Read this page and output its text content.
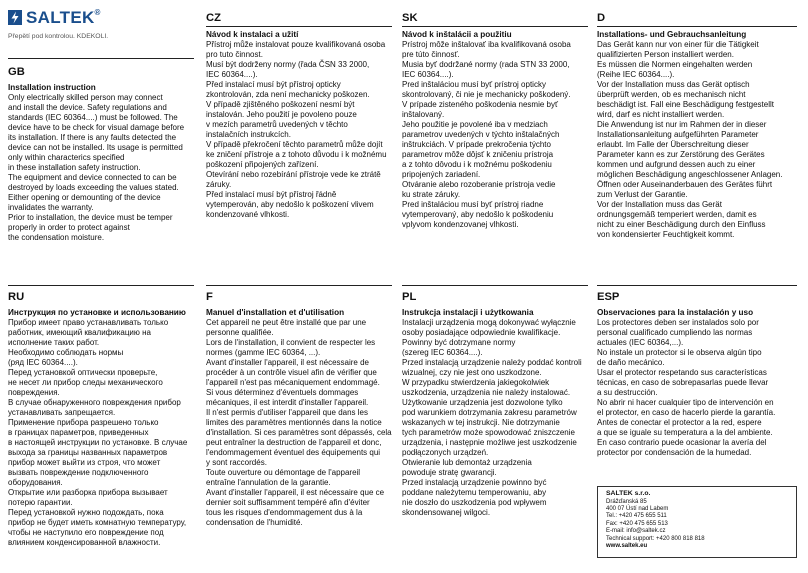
SALTEK®
Přepětí pod kontrolou. KDEKOLI.
GB
Installation instruction
Only electrically skilled person may connect
and install the device. Safety regulations and
standards (IEC 60364....) must be followed. The
device have to be check for visual damage before
its installation. If there is any faults detected the
device can not be installed. Its usage is permitted
only within characterics specified
in these installation safety instruction.
The equipment and device connected to can be
destroyed by loads exceeding the values stated.
Either opening or demounting of the device
invalidates the warranty.
Prior to installation, the device must be temper
properly in order to protect against
the condensation moisture.
CZ
Návod k instalaci a užití
Přístroj může instalovat pouze kvalifikovaná osoba
pro tuto činnost.
Musí být dodrženy normy (řada ČSN 33 2000,
IEC 60364....).
Před instalací musí být přístroj opticky
zkontrolován, zda není mechanicky poškozen.
V případě zjištěného poškození nesmí být
instalován. Jeho použití je povoleno pouze
v mezích parametrů uvedených v těchto
instalačních instrukcích.
V případě překročení těchto parametrů může dojít
ke zničení přístroje a z tohoto důvodu i k možnému
poškození připojených zařízení.
Otevírání nebo rozebírání přístroje vede ke ztrátě
záruky.
Před instalací musí být přístroj řádně
vytemperován, aby nedošlo k poškození vlivem
kondenzované vlhkosti.
SK
Návod k inštalácii a použitiu
Prístroj môže inštalovať iba kvalifikovaná osoba
pre túto činnosť.
Musia byť dodržané normy (rada STN 33 2000,
IEC 60364....).
Pred inštaláciou musí byť prístroj opticky
skontrolovaný, či nie je mechanicky poškodený.
V prípade zisteného poškodenia nesmie byť
inštalovaný.
Jeho použitie je povolené iba v medziach
parametrov uvedených v týchto inštalačných
inštrukciách. V prípade prekročenia týchto
parametrov môže dôjsť k zničeniu prístroja
a z tohto dôvodu i k možnému poškodeniu
pripojených zariadení.
Otváranie alebo rozoberanie prístroja vedie
ku strate záruky.
Pred inštaláciou musí byť prístroj riadne
vytemperovaný, aby nedošlo k poškodeniu
vplyvom kondenzovanej vlhkosti.
D
Installations- und Gebrauchsanleitung
Das Gerät kann nur von einer für die Tätigkeit
qualifizierten Person installiert werden.
Es müssen die Normen eingehalten werden
(Reihe IEC 60364....).
Vor der Installation muss das Gerät optisch
überprüft werden, ob es mechanisch nicht
beschädigt ist. Fall eine Beschädigung festgestellt
wird, darf es nicht installiert werden.
Die Anwendung ist nur im Rahmen der in dieser
Installationsanleitung aufgeführten Parameter
erlaubt. Im Falle der Überschreitung dieser
Parameter kann es zur Zerstörung des Gerätes
kommen und aufgrund dessen auch zu einer
möglichen Beschädigung angeschlossener Anlagen.
Öffnen oder Auseinanderbauen des Gerätes führt
zum Verlust der Garantie.
Vor der Installation muss das Gerät
ordnungsgemäß temperiert werden, damit es
nicht zu einer Beschädigung durch den Einfluss
von kondensierter Feuchtigkeit kommt.
RU
Инструкция по установке и использованию
Прибор имеет право устанавливать только
работник, имеющий квалификацию на
исполнение таких работ.
Необходимо соблюдать нормы
(ряд IEC 60364....).
Перед установкой оптически проверьте,
не несет ли прибор следы механического
повреждения.
В случае обнаруженного повреждения прибор
устанавливать запрещается.
Применение прибора разрешено только
в границах параметров, приведенных
в настоящей инструкции по установке. В случае
выхода за границы названных параметров
прибор может выйти из строя, что может
вызвать повреждение подключенного
оборудования.
Открытие или разборка прибора вызывает
потерю гарантии.
Перед установкой нужно подождать, пока
прибор не будет иметь комнатную температуру,
чтобы не наступило его повреждение под
влиянием конденсированной влажности.
F
Manuel d'installation et d'utilisation
Cet appareil ne peut être installé que par une
personne qualifiée.
Lors de l'installation, il convient de respecter les
normes (gamme IEC 60364, ...).
Avant d'installer l'appareil, il est nécessaire de
procéder à un contrôle visuel afin de vérifier que
l'appareil n'est pas mécaniquement endommagé.
Si vous déterminez d'éventuels dommages
mécaniques, il est interdit d'installer l'appareil.
Il n'est permis d'utiliser l'appareil que dans les
limites des paramètres mentionnés dans la notice
d'installation. Si ces paramètres sont dépassés, cela
peut entraîner la destruction de l'appareil et donc,
l'endommagement éventuel des équipements qui
y sont raccordés.
Toute ouverture ou démontage de l'appareil
entraîne l'annulation de la garantie.
Avant d'installer l'appareil, il est nécessaire que ce
dernier soit suffisamment tempéré afin d'éviter
tous les risques d'endommagement dus à la
condensation de l'humidité.
PL
Instrukcja instalacji i użytkowania
Instalacji urządzenia mogą dokonywać wyłącznie
osoby posiadające odpowiednie kwalifikacje.
Powinny być dotrzymane normy
(szereg IEC 60364....).
Przed instalacją urządzenie należy poddać kontroli
wizualnej, czy nie jest ono uszkodzone.
W przypadku stwierdzenia jakiegokolwiek
uszkodzenia, urządzenia nie należy instalować.
Użytkowanie urządzenia jest dozwolone tylko
pod warunkiem dotrzymania zakresu parametrów
wskazanych w tej instrukcji. Nie dotrzymanie
tych parametrów może spowodować zniszczenie
urządzenia, i następnie możliwe jest uszkodzenie
podłączonych urządzeń.
Otwieranie lub demontaż urządzenia
powoduje stratę gwarancji.
Przed instalacją urządzenie powinno być
poddane należytemu temperowaniu, aby
nie doszło do uszkodzenia pod wpływem
skondensowanej wilgoci.
ESP
Observaciones para la instalación y uso
Los protectores deben ser instalados solo por
personal cualificado cumpliendo las normas
actuales (IEC 60364,...).
No instale un protector si le observa algún tipo
de daño mecánico.
Usar el protector respetando sus características
técnicas, en caso de sobrepasarlas puede llevar
a su destrucción.
No abrir ni hacer cualquier tipo de intervención en
el protector, en caso de hacerlo pierde la garantía.
Antes de conectar el protector a la red, espere
a que se iguale su temperatura a la del ambiente.
En caso contrario puede ocasionar la avería del
protector por condensación de la humedad.
SALTEK s.r.o.
Drážďanská 85
400 07 Ústí nad Labem
Tel.: +420 475 655 511
Fax: +420 475 655 513
E-mail: info@saltek.cz
Technical support: +420 800 818 818
www.saltek.eu
